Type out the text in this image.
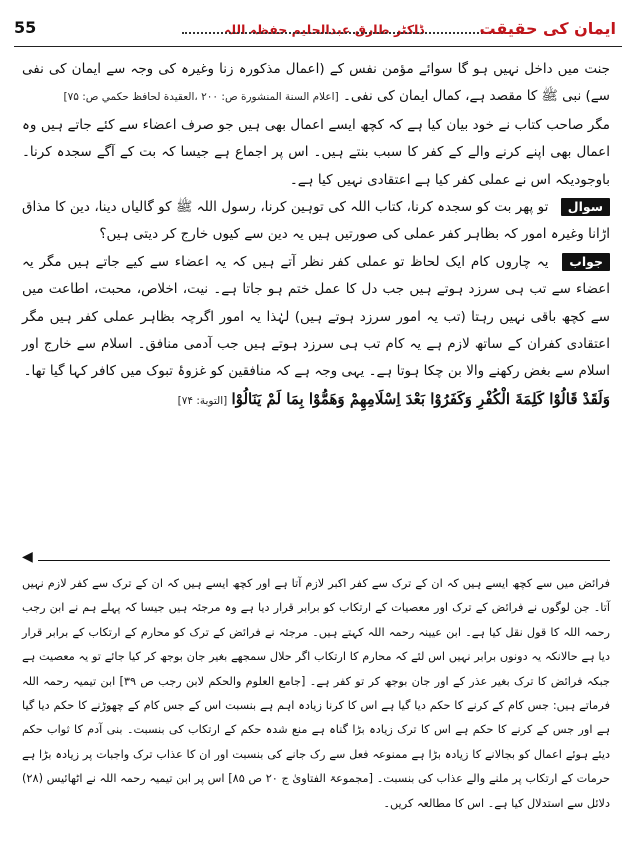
55	ڈاکٹر طارق عبدالحلیم حفظہ اللہ	ایمان کی حقیقت

جنت میں داخل نہیں ہو گا سوائے مؤمن نفس کے (اعمال مذکورہ زنا وغیرہ کی وجہ سے ایمان کی نفی سے) نبی ﷺ کا مقصد ہے، کمال ایمان کی نفی۔ [اعلام السنة المنشورة ص: ۲۰۰ ،العقيدة لحافظ حكمي ص: ۷۵]

مگر صاحب کتاب نے خود بیان کیا ہے کہ کچھ ایسے اعمال بھی ہیں جو صرف اعضاء سے کئے جاتے ہیں وہ اعمال بھی اپنے کرنے والے کے کفر کا سبب بنتے ہیں۔ اس پر اجماع ہے جیسا کہ بت کے آگے سجدہ کرنا۔ باوجودیکہ اس نے عملی کفر کیا ہے اعتقادی نہیں کیا ہے۔

سوال تو پھر بت کو سجدہ کرنا، کتاب اللہ کی توہین کرنا، رسول اللہ ﷺ کو گالیاں دینا، دین کا مذاق اڑانا وغیرہ امور کہ بظاہر کفر عملی کی صورتیں ہیں یہ دین سے کیوں خارج کر دیتی ہیں؟

جواب یہ چاروں کام ایک لحاظ تو عملی کفر نظر آتے ہیں کہ یہ اعضاء سے کیے جاتے ہیں مگر یہ اعضاء سے تب ہی سرزد ہوتے ہیں جب دل کا عمل ختم ہو جاتا ہے۔ نیت، اخلاص، محبت، اطاعت میں سے کچھ باقی نہیں رہتا (تب یہ امور سرزد ہوتے ہیں) لہٰذا یہ امور اگرچہ بظاہر عملی کفر ہیں مگر اعتقادی کفران کے ساتھ لازم ہے یہ کام تب ہی سرزد ہوتے ہیں جب آدمی منافق۔ اسلام سے خارج اور اسلام سے بغض رکھنے والا بن چکا ہوتا ہے۔ یہی وجہ ہے کہ منافقین کو غزوۂ تبوک میں کافر کہا گیا تھا۔

وَلَقَدْ قَالُوْا كَلِمَةَ الْكُفْرِ وَكَفَرُوْا بَعْدَ اِسْلَامِهِمْ وَهَمُّوْا بِمَا لَمْ يَنَالُوْا [التوبة: ۷۴]

◀

فرائض میں سے کچھ ایسے ہیں کہ ان کے ترک سے کفر اکبر لازم آتا ہے اور کچھ ایسے ہیں کہ ان کے ترک سے کفر لازم نہیں آتا۔ جن لوگوں نے فرائض کے ترک اور معصیات کے ارتکاب کو برابر قرار دیا ہے وہ مرجئہ ہیں جیسا کہ پہلے ہم نے ابن رجب رحمہ اللہ کا قول نقل کیا ہے۔ ابن عیینہ رحمہ اللہ کہتے ہیں۔ مرجئہ نے فرائض کے ترک کو محارم کے ارتکاب کے برابر قرار دیا ہے حالانکہ یہ دونوں برابر نہیں اس لئے کہ محارم کا ارتکاب اگر حلال سمجھے بغیر جان بوجھ کر کیا جائے تو یہ معصیت ہے جبکہ فرائض کا ترک بغیر عذر کے اور جان بوجھ کر تو کفر ہے۔ [جامع العلوم والحکم لابن رجب ص ۳۹] ابن تیمیہ رحمہ اللہ فرماتے ہیں: جس کام کے کرنے کا حکم دیا گیا ہے اس کا کرنا زیادہ اہم ہے بنسبت اس کے جس کام کے چھوڑنے کا حکم دیا گیا ہے اور جس کے کرنے کا حکم ہے اس کا ترک زیادہ بڑا گناہ ہے منع شدہ حکم کے ارتکاب کی بنسبت۔ بنی آدم کا ثواب حکم دیئے ہوئے اعمال کو بجالانے کا زیادہ بڑا ہے ممنوعہ فعل سے رک جانے کی بنسبت اور ان کا عذاب ترک واجبات پر زیادہ بڑا ہے حرمات کے ارتکاب پر ملنے والے عذاب کی بنسبت۔ [مجموعۃ الفتاویٰ ج ۲۰ ص ۸۵] اس پر ابن تیمیہ رحمہ اللہ نے اٹھائیس (۲۸) دلائل سے استدلال کیا ہے۔ اس کا مطالعہ کریں۔
